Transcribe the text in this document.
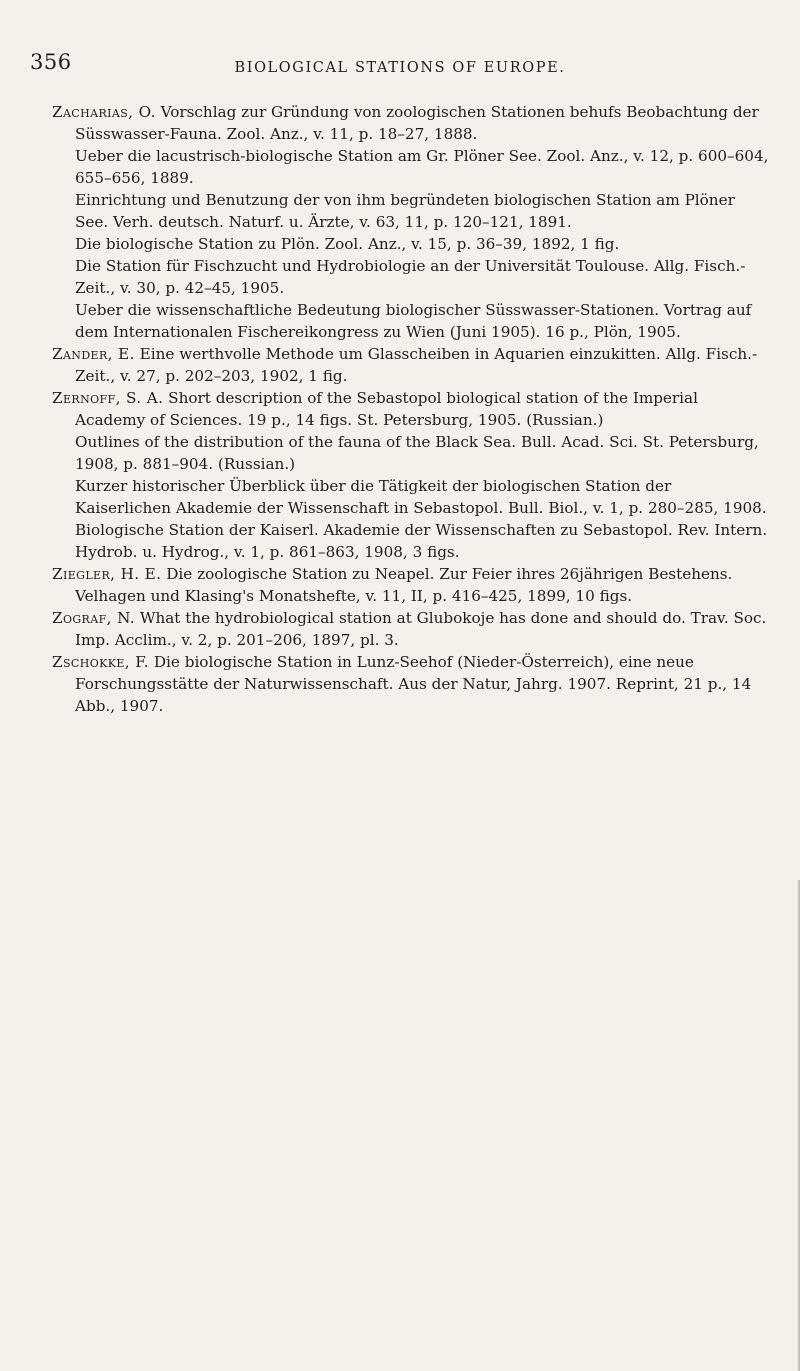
356	BIOLOGICAL STATIONS OF EUROPE.

Zacharias, O. Vorschlag zur Gründung von zoologischen Stationen behufs Beobachtung der Süsswasser-Fauna. Zool. Anz., v. 11, p. 18–27, 1888.

Ueber die lacustrisch-biologische Station am Gr. Plöner See. Zool. Anz., v. 12, p. 600–604, 655–656, 1889.

Einrichtung und Benutzung der von ihm begründeten biologischen Station am Plöner See. Verh. deutsch. Naturf. u. Ärzte, v. 63, 11, p. 120–121, 1891.

Die biologische Station zu Plön. Zool. Anz., v. 15, p. 36–39, 1892, 1 fig.

Die Station für Fischzucht und Hydrobiologie an der Universität Toulouse. Allg. Fisch.-Zeit., v. 30, p. 42–45, 1905.

Ueber die wissenschaftliche Bedeutung biologischer Süsswasser-Stationen. Vortrag auf dem Internationalen Fischereikongress zu Wien (Juni 1905). 16 p., Plön, 1905.

Zander, E. Eine werthvolle Methode um Glasscheiben in Aquarien einzukitten. Allg. Fisch.-Zeit., v. 27, p. 202–203, 1902, 1 fig.

Zernoff, S. A. Short description of the Sebastopol biological station of the Imperial Academy of Sciences. 19 p., 14 figs. St. Petersburg, 1905. (Russian.)

Outlines of the distribution of the fauna of the Black Sea. Bull. Acad. Sci. St. Petersburg, 1908, p. 881–904. (Russian.)

Kurzer historischer Überblick über die Tätigkeit der biologischen Station der Kaiserlichen Akademie der Wissenschaft in Sebastopol. Bull. Biol., v. 1, p. 280–285, 1908.

Biologische Station der Kaiserl. Akademie der Wissenschaften zu Sebastopol. Rev. Intern. Hydrob. u. Hydrog., v. 1, p. 861–863, 1908, 3 figs.

Ziegler, H. E. Die zoologische Station zu Neapel. Zur Feier ihres 26jährigen Bestehens. Velhagen und Klasing's Monatshefte, v. 11, II, p. 416–425, 1899, 10 figs.

Zograf, N. What the hydrobiological station at Glubokoje has done and should do. Trav. Soc. Imp. Acclim., v. 2, p. 201–206, 1897, pl. 3.

Zschokke, F. Die biologische Station in Lunz-Seehof (Nieder-Österreich), eine neue Forschungsstätte der Naturwissenschaft. Aus der Natur, Jahrg. 1907. Reprint, 21 p., 14 Abb., 1907.
